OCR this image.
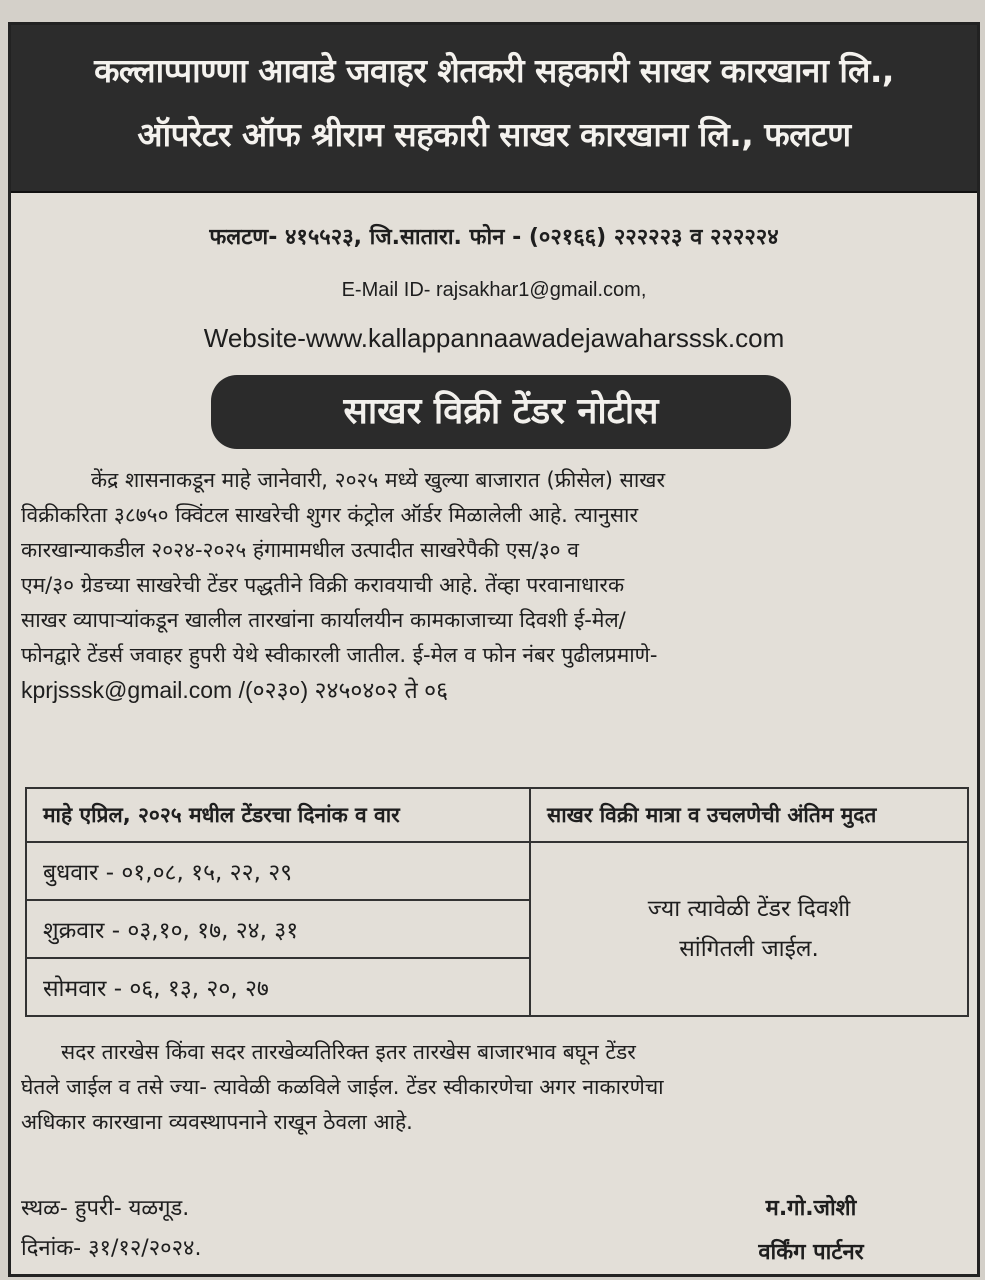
कल्लाप्पाण्णा आवाडे जवाहर शेतकरी सहकारी साखर कारखाना लि.,
ऑपरेटर ऑफ श्रीराम सहकारी साखर कारखाना लि., फलटण
फलटण- ४१५५२३, जि.सातारा. फोन - (०२१६६) २२२२२३ व २२२२२४
E-Mail ID- rajsakhar1@gmail.com,
Website-www.kallappannaawadejawaharsssk.com
साखर विक्री टेंडर नोटीस
केंद्र शासनाकडून माहे जानेवारी, २०२५ मध्ये खुल्या बाजारात (फ्रीसेल) साखर
विक्रीकरिता ३८७५० क्विंटल साखरेची शुगर कंट्रोल ऑर्डर मिळालेली आहे. त्यानुसार
कारखान्याकडील २०२४-२०२५ हंगामामधील उत्पादीत साखरेपैकी एस/३० व
एम/३० ग्रेडच्या साखरेची टेंडर पद्धतीने विक्री करावयाची आहे. तेंव्हा परवानाधारक
साखर व्यापाऱ्यांकडून खालील तारखांना कार्यालयीन कामकाजाच्या दिवशी ई-मेल/
फोनद्वारे टेंडर्स जवाहर हुपरी येथे स्वीकारली जातील. ई-मेल व फोन नंबर पुढीलप्रमाणे-
kprjsssk@gmail.com /(०२३०) २४५०४०२ ते ०६
माहे एप्रिल, २०२५ मधील टेंडरचा दिनांक व वार	साखर विक्री मात्रा व उचलणेची अंतिम मुदत
बुधवार - ०१,०८, १५, २२, २९	ज्या त्यावेळी टेंडर दिवशी
सांगितली जाईल.

शुक्रवार - ०३,१०, १७, २४, ३१	
सोमवार - ०६, १३, २०, २७	
सदर तारखेस किंवा सदर तारखेव्यतिरिक्त इतर तारखेस बाजारभाव बघून टेंडर
घेतले जाईल व तसे ज्या- त्यावेळी कळविले जाईल. टेंडर स्वीकारणेचा अगर नाकारणेचा
अधिकार कारखाना व्यवस्थापनाने राखून ठेवला आहे.
स्थळ- हुपरी- यळगूड.
दिनांक- ३१/१२/२०२४.
म.गो.जोशी
वर्किंग पार्टनर
